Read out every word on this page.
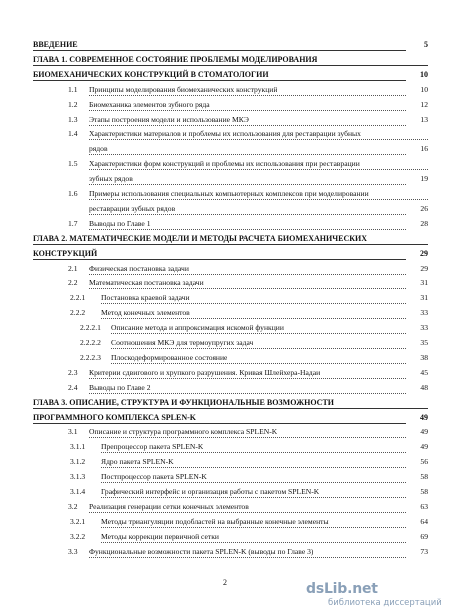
ВВЕДЕНИЕ	5
ГЛАВА 1. СОВРЕМЕННОЕ СОСТОЯНИЕ ПРОБЛЕМЫ МОДЕЛИРОВАНИЯ
БИОМЕХАНИЧЕСКИХ КОНСТРУКЦИЙ В СТОМАТОЛОГИИ	10
1.1 Принципы моделирования биомеханических конструкций	10
1.2 Биомеханика элементов зубного ряда	12
1.3 Этапы построения модели и использование МКЭ	13
1.4 Характеристики материалов и проблемы их использования для реставрации зубных
рядов	16
1.5 Характеристики форм конструкций и проблемы их использования при реставрации
зубных рядов	19
1.6 Примеры использования специальных компьютерных комплексов при моделировании
реставрации зубных рядов	26
1.7 Выводы по Главе 1	28
ГЛАВА 2. МАТЕМАТИЧЕСКИЕ МОДЕЛИ И МЕТОДЫ РАСЧЕТА БИОМЕХАНИЧЕСКИХ
КОНСТРУКЦИЙ	29
2.1 Физическая постановка задачи	29
2.2 Математическая постановка задачи	31
2.2.1 Постановка краевой задачи	31
2.2.2 Метод конечных элементов	33
2.2.2.1 Описание метода и аппроксимация искомой функции	33
2.2.2.2 Соотношения МКЭ для термоупругих задач	35
2.2.2.3 Плоскодеформированное состояние	38
2.3 Критерии сдвигового и хрупкого разрушения. Кривая Шлейхера-Надаи	45
2.4 Выводы по Главе 2	48
ГЛАВА 3. ОПИСАНИЕ, СТРУКТУРА И ФУНКЦИОНАЛЬНЫЕ ВОЗМОЖНОСТИ
ПРОГРАММНОГО КОМПЛЕКСА SPLEN-K	49
3.1 Описание и структура программного комплекса SPLEN-K	49
3.1.1 Препроцессор пакета SPLEN-K	49
3.1.2 Ядро пакета SPLEN-K	56
3.1.3 Постпроцессор пакета SPLEN-K	58
3.1.4 Графический интерфейс и организация работы с пакетом SPLEN-K	58
3.2 Реализация генерации сетки конечных элементов	63
3.2.1 Методы триангуляции подобластей на выбранные конечные элементы	64
3.2.2 Методы коррекции первичной сетки	69
3.3 Функциональные возможности пакета SPLEN-K (выводы по Главе 3)	73
2	dsLib.net
библиотека диссертаций
